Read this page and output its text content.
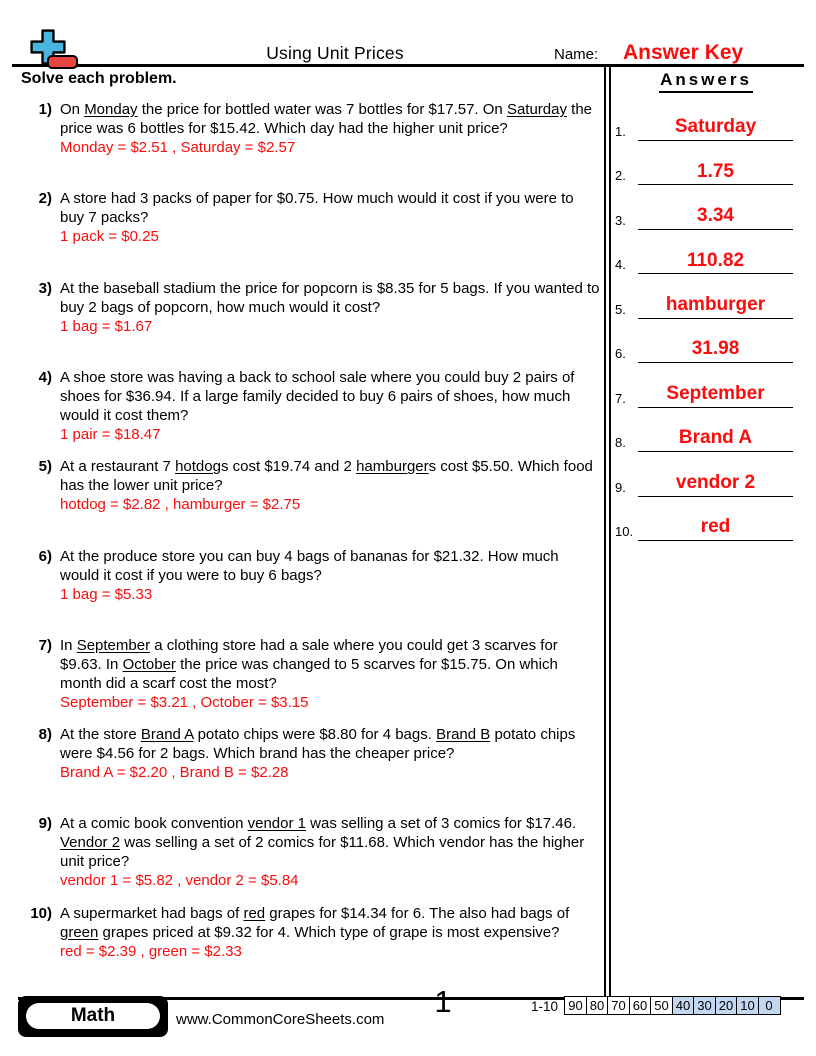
Using Unit Prices	Name: Answer Key
Solve each problem.	Answers
1.	Saturday
2.	1.75
3.	3.34
4.	110.82
5.	hamburger
6.	31.98
7.	September
8.	Brand A
9.	vendor 2
10.	red
1) On Monday the price for bottled water was 7 bottles for $17.57. On Saturday the price was 6 bottles for $15.42. Which day had the higher unit price?
Monday = $2.51 , Saturday = $2.57
2) A store had 3 packs of paper for $0.75. How much would it cost if you were to buy 7 packs?
1 pack = $0.25
3) At the baseball stadium the price for popcorn is $8.35 for 5 bags. If you wanted to buy 2 bags of popcorn, how much would it cost?
1 bag = $1.67
4) A shoe store was having a back to school sale where you could buy 2 pairs of shoes for $36.94. If a large family decided to buy 6 pairs of shoes, how much would it cost them?
1 pair = $18.47
5) At a restaurant 7 hotdogs cost $19.74 and 2 hamburgers cost $5.50. Which food has the lower unit price?
hotdog = $2.82 , hamburger = $2.75
6) At the produce store you can buy 4 bags of bananas for $21.32. How much would it cost if you were to buy 6 bags?
1 bag = $5.33
7) In September a clothing store had a sale where you could get 3 scarves for $9.63. In October the price was changed to 5 scarves for $15.75. On which month did a scarf cost the most?
September = $3.21 , October = $3.15
8) At the store Brand A potato chips were $8.80 for 4 bags. Brand B potato chips were $4.56 for 2 bags. Which brand has the cheaper price?
Brand A = $2.20 , Brand B = $2.28
9) At a comic book convention vendor 1 was selling a set of 3 comics for $17.46. Vendor 2 was selling a set of 2 comics for $11.68. Which vendor has the higher unit price?
vendor 1 = $5.82 , vendor 2 = $5.84
10) A supermarket had bags of red grapes for $14.34 for 6. The also had bags of green grapes priced at $9.32 for 4. Which type of grape is most expensive?
red = $2.39 , green = $2.33
Math	www.CommonCoreSheets.com
1	1-10 90 80 70 60 50 40 30 20 10 0
